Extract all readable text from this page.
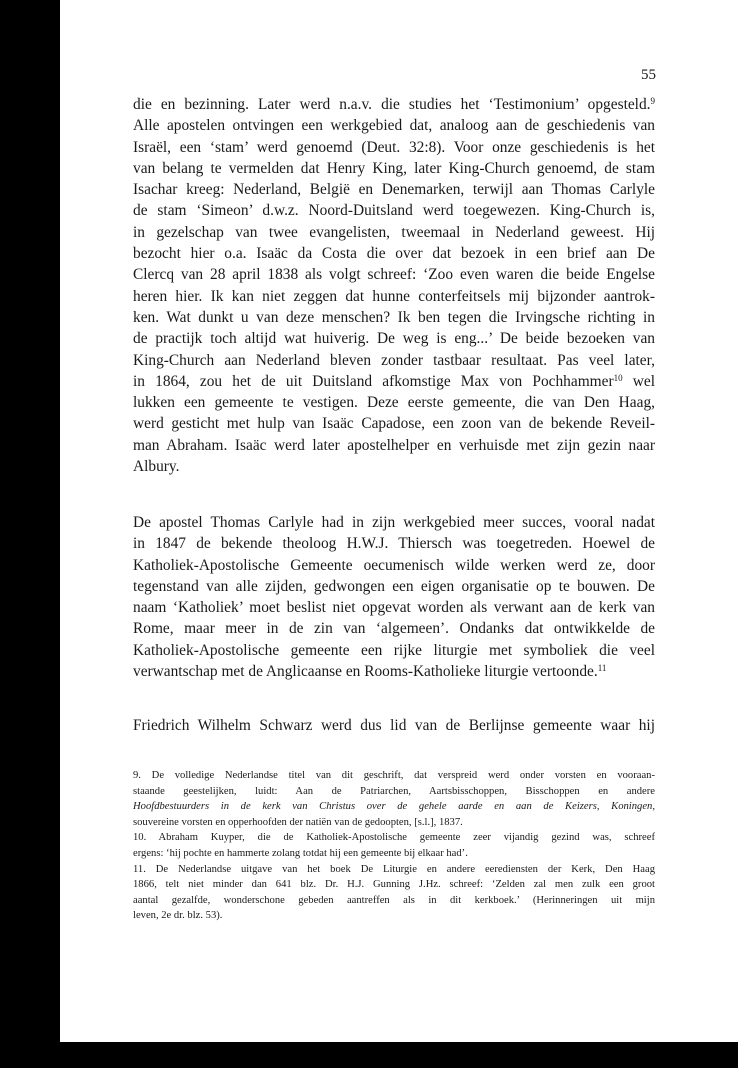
55

die en bezinning. Later werd n.a.v. die studies het ‘Testimonium’ opgesteld.$^9$
Alle apostelen ontvingen een werkgebied dat, analoog aan de geschiedenis van
Israël, een ‘stam’ werd genoemd (Deut. 32:8). Voor onze geschiedenis is het
van belang te vermelden dat Henry King, later King-Church genoemd, de stam
Isachar kreeg: Nederland, België en Denemarken, terwijl aan Thomas Carlyle
de stam ‘Simeon’ d.w.z. Noord-Duitsland werd toegewezen. King-Church is,
in gezelschap van twee evangelisten, tweemaal in Nederland geweest. Hij
bezocht hier o.a. Isaäc da Costa die over dat bezoek in een brief aan De
Clercq van 28 april 1838 als volgt schreef: ‘Zoo even waren die beide Engelse
heren hier. Ik kan niet zeggen dat hunne conterfeitsels mij bijzonder aantrok-
ken. Wat dunkt u van deze menschen? Ik ben tegen die Irvingsche richting in
de practijk toch altijd wat huiverig. De weg is eng...’ De beide bezoeken van
King-Church aan Nederland bleven zonder tastbaar resultaat. Pas veel later,
in 1864, zou het de uit Duitsland afkomstige Max von Pochhammer$^{10}$ wel
lukken een gemeente te vestigen. Deze eerste gemeente, die van Den Haag,
werd gesticht met hulp van Isaäc Capadose, een zoon van de bekende Reveil-
man Abraham. Isaäc werd later apostelhelper en verhuisde met zijn gezin naar
Albury.

De apostel Thomas Carlyle had in zijn werkgebied meer succes, vooral nadat
in 1847 de bekende theoloog H.W.J. Thiersch was toegetreden. Hoewel de
Katholiek-Apostolische Gemeente oecumenisch wilde werken werd ze, door
tegenstand van alle zijden, gedwongen een eigen organisatie op te bouwen. De
naam ‘Katholiek’ moet beslist niet opgevat worden als verwant aan de kerk van
Rome, maar meer in de zin van ‘algemeen’. Ondanks dat ontwikkelde de
Katholiek-Apostolische gemeente een rijke liturgie met symboliek die veel
verwantschap met de Anglicaanse en Rooms-Katholieke liturgie vertoonde.$^{11}$

Friedrich Wilhelm Schwarz werd dus lid van de Berlijnse gemeente waar hij

9. De volledige Nederlandse titel van dit geschrift, dat verspreid werd onder vorsten en vooraan-
staande geestelijken, luidt: Aan de Patriarchen, Aartsbisschoppen, Bisschoppen en andere
Hoofdbestuurders in de kerk van Christus over de gehele aarde en aan de Keizers, Koningen,
souvereine vorsten en opperhoofden der natiën van de gedoopten, [s.l.], 1837.
10. Abraham Kuyper, die de Katholiek-Apostolische gemeente zeer vijandig gezind was, schreef
ergens: ‘hij pochte en hammerte zolang totdat hij een gemeente bij elkaar had’.
11. De Nederlandse uitgave van het boek De Liturgie en andere eerediensten der Kerk, Den Haag
1866, telt niet minder dan 641 blz. Dr. H.J. Gunning J.Hz. schreef: ‘Zelden zal men zulk een groot
aantal gezalfde, wonderschone gebeden aantreffen als in dit kerkboek.’ (Herinneringen uit mijn
leven, 2e dr. blz. 53).
